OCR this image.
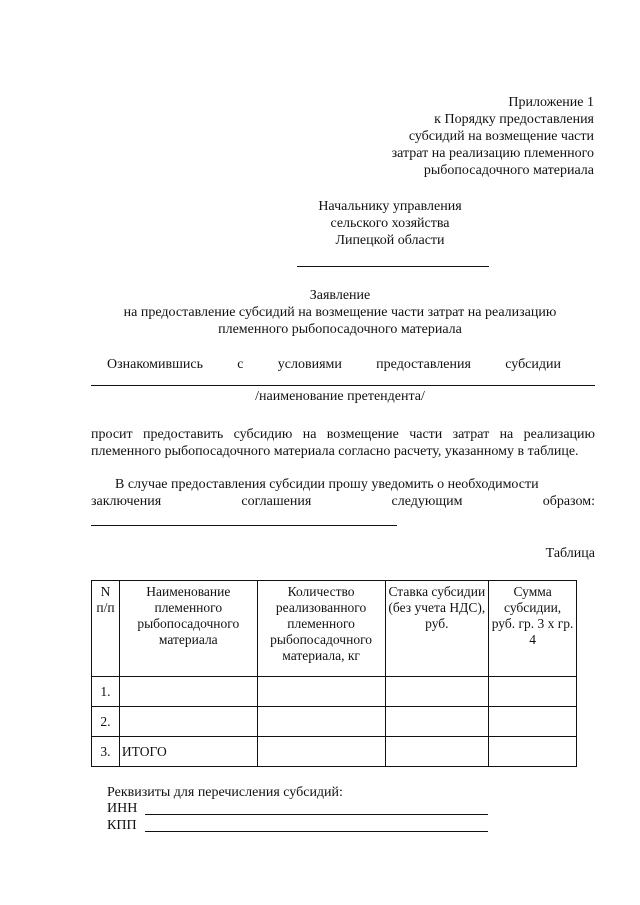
Приложение 1
к Порядку предоставления
субсидий на возмещение части
затрат на реализацию племенного
рыбопосадочного материала
Начальнику управления
сельского хозяйства
Липецкой области
Заявление
на предоставление субсидий на возмещение части затрат на реализацию
племенного рыбопосадочного материала
Ознакомившись с условиями предоставления субсидии
/наименование претендента/
просит предоставить субсидию на возмещение части затрат на реализацию племенного рыбопосадочного материала согласно расчету, указанному в таблице.
В случае предоставления субсидии прошу уведомить о необходимости
заключения	соглашения	следующим	образом:
Таблица
N п/п	Наименование племенного рыбопосадочного материала	Количество реализованного племенного рыбопосадочного материала, кг	Ставка субсидии (без учета НДС), руб.	Сумма субсидии, руб. гр. 3 x гр. 4
1.				
2.				
3.	ИТОГО			
Реквизиты для перечисления субсидий:
ИНН
КПП
